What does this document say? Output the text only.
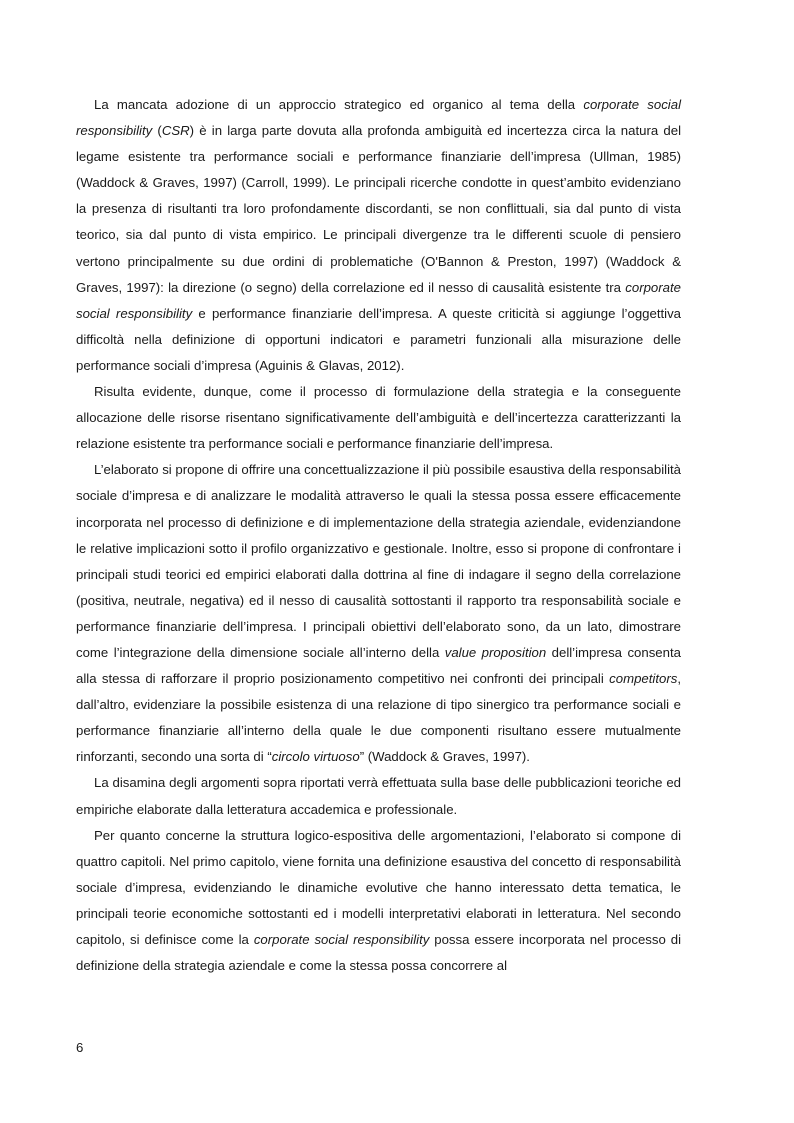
La mancata adozione di un approccio strategico ed organico al tema della corporate social responsibility (CSR) è in larga parte dovuta alla profonda ambiguità ed incertezza circa la natura del legame esistente tra performance sociali e performance finanziarie dell’impresa (Ullman, 1985) (Waddock & Graves, 1997) (Carroll, 1999). Le principali ricerche condotte in quest’ambito evidenziano la presenza di risultanti tra loro profondamente discordanti, se non conflittuali, sia dal punto di vista teorico, sia dal punto di vista empirico. Le principali divergenze tra le differenti scuole di pensiero vertono principalmente su due ordini di problematiche (O'Bannon & Preston, 1997) (Waddock & Graves, 1997): la direzione (o segno) della correlazione ed il nesso di causalità esistente tra corporate social responsibility e performance finanziarie dell’impresa. A queste criticità si aggiunge l’oggettiva difficoltà nella definizione di opportuni indicatori e parametri funzionali alla misurazione delle performance sociali d’impresa (Aguinis & Glavas, 2012).

Risulta evidente, dunque, come il processo di formulazione della strategia e la conseguente allocazione delle risorse risentano significativamente dell’ambiguità e dell’incertezza caratterizzanti la relazione esistente tra performance sociali e performance finanziarie dell’impresa.

L’elaborato si propone di offrire una concettualizzazione il più possibile esaustiva della responsabilità sociale d’impresa e di analizzare le modalità attraverso le quali la stessa possa essere efficacemente incorporata nel processo di definizione e di implementazione della strategia aziendale, evidenziandone le relative implicazioni sotto il profilo organizzativo e gestionale. Inoltre, esso si propone di confrontare i principali studi teorici ed empirici elaborati dalla dottrina al fine di indagare il segno della correlazione (positiva, neutrale, negativa) ed il nesso di causalità sottostanti il rapporto tra responsabilità sociale e performance finanziarie dell’impresa. I principali obiettivi dell’elaborato sono, da un lato, dimostrare come l’integrazione della dimensione sociale all’interno della value proposition dell’impresa consenta alla stessa di rafforzare il proprio posizionamento competitivo nei confronti dei principali competitors, dall’altro, evidenziare la possibile esistenza di una relazione di tipo sinergico tra performance sociali e performance finanziarie all’interno della quale le due componenti risultano essere mutualmente rinforzanti, secondo una sorta di “circolo virtuoso” (Waddock & Graves, 1997).

La disamina degli argomenti sopra riportati verrà effettuata sulla base delle pubblicazioni teoriche ed empiriche elaborate dalla letteratura accademica e professionale.

Per quanto concerne la struttura logico-espositiva delle argomentazioni, l’elaborato si compone di quattro capitoli. Nel primo capitolo, viene fornita una definizione esaustiva del concetto di responsabilità sociale d’impresa, evidenziando le dinamiche evolutive che hanno interessato detta tematica, le principali teorie economiche sottostanti ed i modelli interpretativi elaborati in letteratura. Nel secondo capitolo, si definisce come la corporate social responsibility possa essere incorporata nel processo di definizione della strategia aziendale e come la stessa possa concorrere al

6
